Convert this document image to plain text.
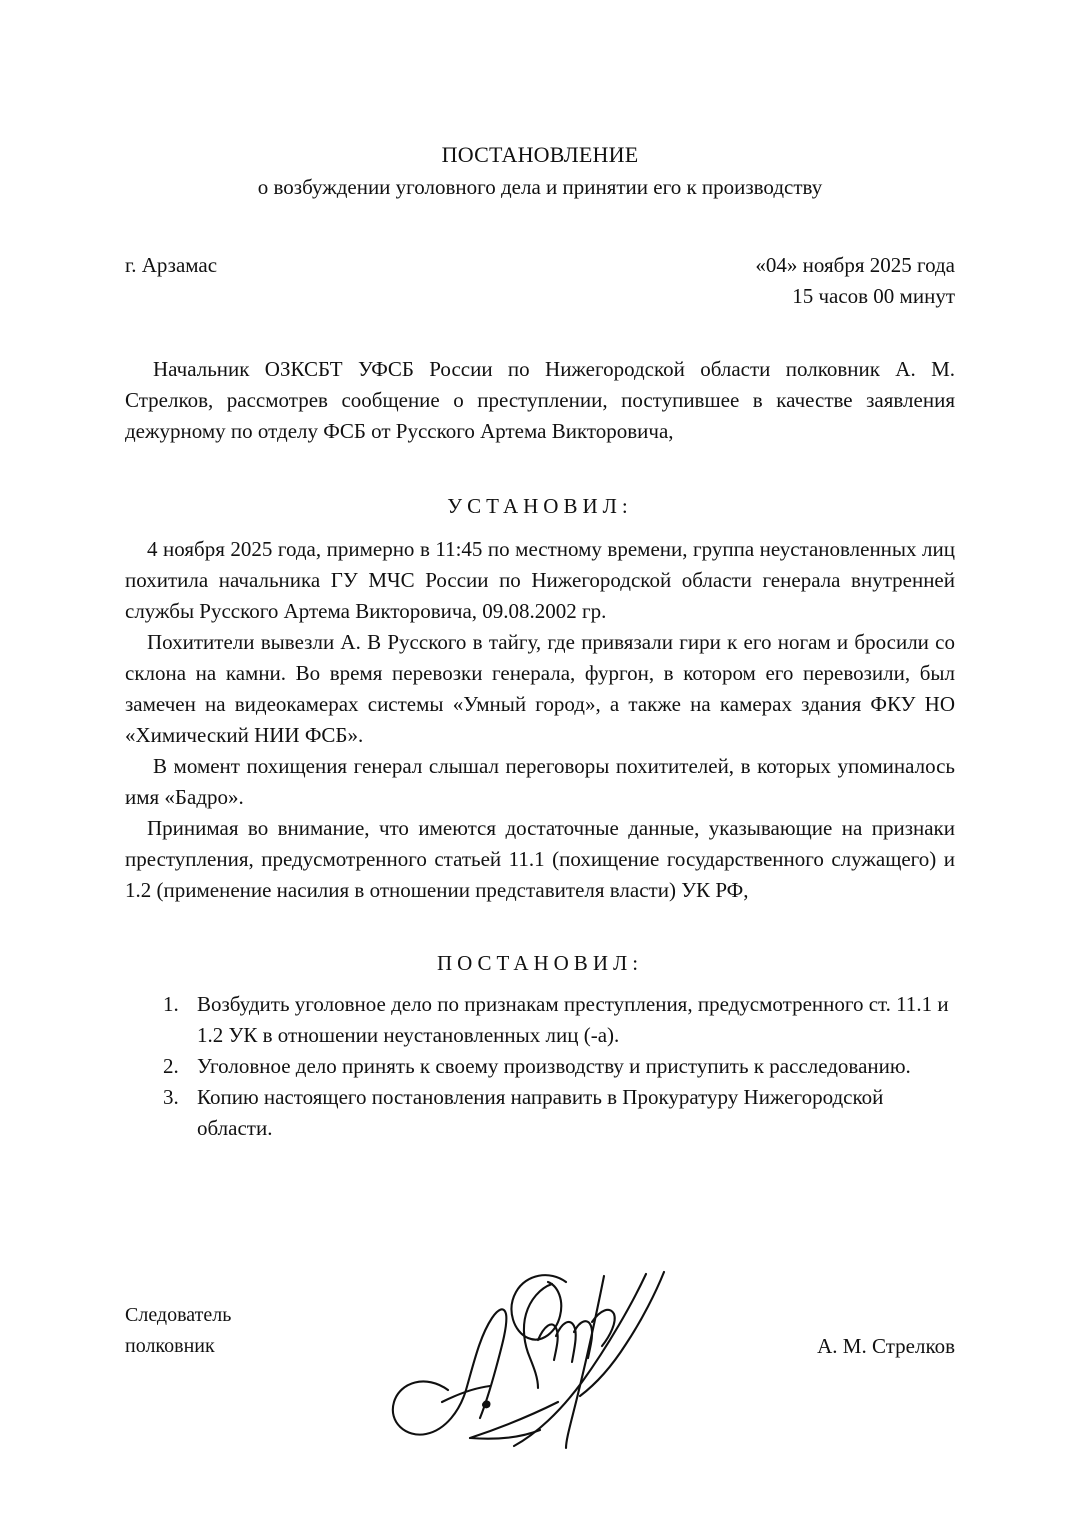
ПОСТАНОВЛЕНИЕ
о возбуждении уголовного дела и принятии его к производству
г. Арзамас	«04» ноября 2025 года
15 часов 00 минут

Начальник ОЗКСБТ УФСБ России по Нижегородской области полковник А. М. Стрелков, рассмотрев сообщение о преступлении, поступившее в качестве заявления дежурному по отделу ФСБ от Русского Артема Викторовича,

УСТАНОВИЛ:

4 ноября 2025 года, примерно в 11:45 по местному времени, группа неустановленных лиц похитила начальника ГУ МЧС России по Нижегородской области генерала внутренней службы Русского Артема Викторовича, 09.08.2002 гр.

Похитители вывезли А. В Русского в тайгу, где привязали гири к его ногам и бросили со склона на камни. Во время перевозки генерала, фургон, в котором его перевозили, был замечен на видеокамерах системы «Умный город», а также на камерах здания ФКУ НО «Химический НИИ ФСБ».

В момент похищения генерал слышал переговоры похитителей, в которых упоминалось имя «Бадро».

Принимая во внимание, что имеются достаточные данные, указывающие на признаки преступления, предусмотренного статьей 11.1 (похищение государственного служащего) и 1.2 (применение насилия в отношении представителя власти) УК РФ,

ПОСТАНОВИЛ:
1. Возбудить уголовное дело по признакам преступления, предусмотренного ст. 11.1 и 1.2 УК в отношении неустановленных лиц (-а).
2. Уголовное дело принять к своему производству и приступить к расследованию.
3. Копию настоящего постановления направить в Прокуратуру Нижегородской области.
Следователь
полковник	А. М. Стрелков
